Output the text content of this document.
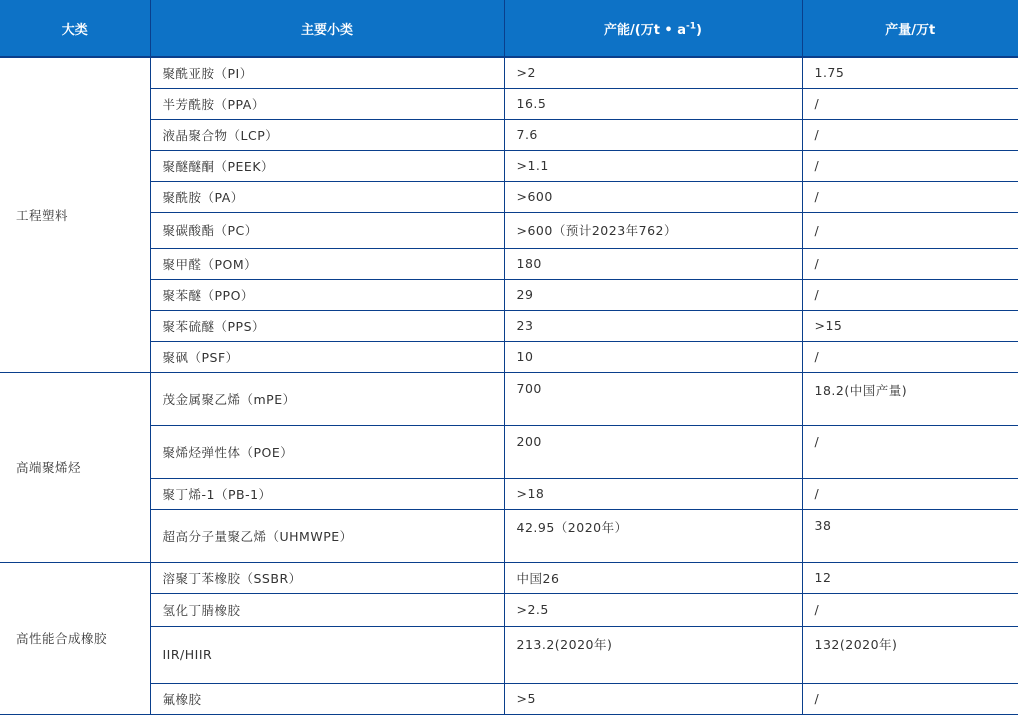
大类	主要小类	产能/(万t • $a^{-1}$)	产量/万t
工程塑料	聚酰亚胺（PI）	>2	1.75
	半芳酰胺（PPA）	16.5	/
	液晶聚合物（LCP）	7.6	/
	聚醚醚酮（PEEK）	>1.1	/
	聚酰胺（PA）	>600	/
	聚碳酸酯（PC）	>600（预计2023年762）	/
	聚甲醛（POM）	180	/
	聚苯醚（PPO）	29	/
	聚苯硫醚（PPS）	23	>15
	聚砜（PSF）	10	/
高端聚烯烃	茂金属聚乙烯（mPE）	700	18.2(中国产量)
	聚烯烃弹性体（POE）	200	/
	聚丁烯-1（PB-1）	>18	/
	超高分子量聚乙烯（UHMWPE）	42.95（2020年）	38
高性能合成橡胶	溶聚丁苯橡胶（SSBR）	中国26	12
	氢化丁腈橡胶	>2.5	/
	IIR/HIIR	213.2(2020年)	132(2020年)
	氟橡胶	>5	/
